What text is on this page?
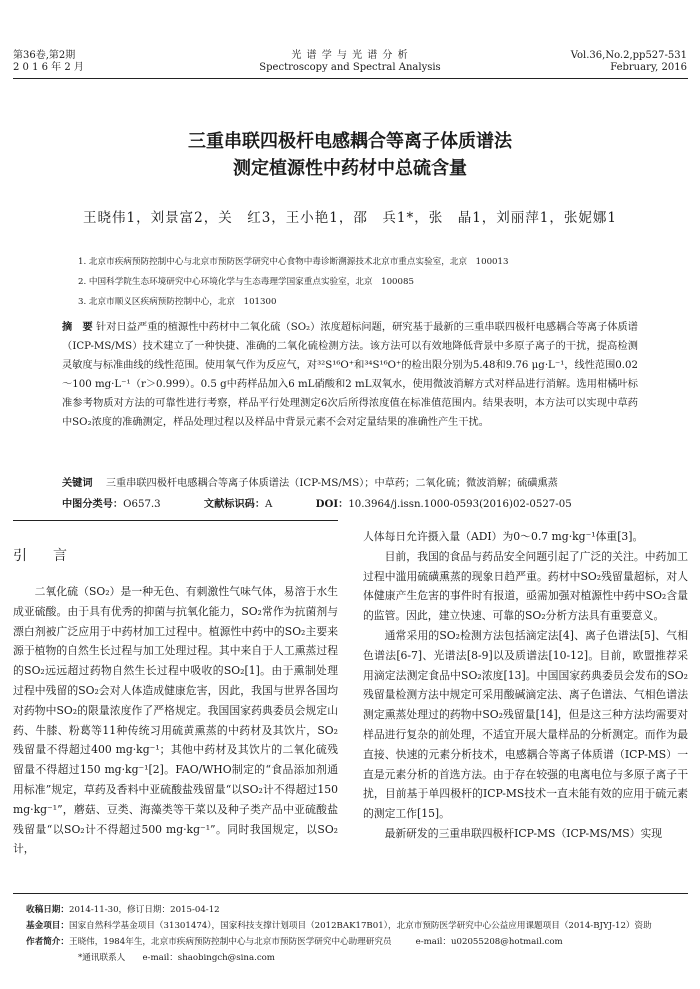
第36卷,第2期
2 0 1 6 年 2 月
光 谱 学 与 光 谱 分 析
Spectroscopy and Spectral Analysis
Vol.36,No.2,pp527-531
February, 2016
三重串联四极杆电感耦合等离子体质谱法
测定植源性中药材中总硫含量
王晓伟1，刘景富2，关　红3，王小艳1，邵　兵1*，张　晶1，刘丽萍1，张妮娜1
1. 北京市疾病预防控制中心与北京市预防医学研究中心食物中毒诊断溯源技术北京市重点实验室，北京　100013
2. 中国科学院生态环境研究中心环境化学与生态毒理学国家重点实验室，北京　100085
3. 北京市顺义区疾病预防控制中心，北京　101300
摘　要 针对日益严重的植源性中药材中二氧化硫（SO₂）浓度超标问题，研究基于最新的三重串联四极杆电感耦合等离子体质谱（ICP-MS/MS）技术建立了一种快捷、准确的二氧化硫检测方法。该方法可以有效地降低背景中多原子离子的干扰，提高检测灵敏度与标准曲线的线性范围。使用氧气作为反应气，对³²S¹⁶O⁺和³⁴S¹⁶O⁺的检出限分别为5.48和9.76 μg·L⁻¹，线性范围0.02～100 mg·L⁻¹（r＞0.999）。0.5 g中药样品加入6 mL硝酸和2 mL双氧水，使用微波消解方式对样品进行消解。选用柑橘叶标准参考物质对方法的可靠性进行考察，样品平行处理测定6次后所得浓度值在标准值范围内。结果表明，本方法可以实现中草药中SO₂浓度的准确测定，样品处理过程以及样品中背景元素不会对定量结果的准确性产生干扰。
关键词 三重串联四极杆电感耦合等离子体质谱法（ICP-MS/MS）；中草药；二氧化硫；微波消解；硫磺熏蒸
中图分类号：O657.3	文献标识码：A	DOI：10.3964/j.issn.1000-0593(2016)02-0527-05
引　言

二氧化硫（SO₂）是一种无色、有刺激性气味气体，易溶于水生成亚硫酸。由于具有优秀的抑菌与抗氧化能力，SO₂常作为抗菌剂与漂白剂被广泛应用于中药材加工过程中。植源性中药中的SO₂主要来源于植物的自然生长过程与加工处理过程。其中来自于人工熏蒸过程的SO₂远远超过药物自然生长过程中吸收的SO₂[1]。由于熏制处理过程中残留的SO₂会对人体造成健康危害，因此，我国与世界各国均对药物中SO₂的限量浓度作了严格规定。我国国家药典委员会规定山药、牛膝、粉葛等11种传统习用硫黄熏蒸的中药材及其饮片，SO₂残留量不得超过400 mg·kg⁻¹；其他中药材及其饮片的二氧化硫残留量不得超过150 mg·kg⁻¹[2]。FAO/WHO制定的“食品添加剂通用标准”规定，草药及香料中亚硫酸盐残留量“以SO₂计不得超过150 mg·kg⁻¹”，蘑菇、豆类、海藻类等干菜以及种子类产品中亚硫酸盐残留量“以SO₂计不得超过500 mg·kg⁻¹”。同时我国规定，以SO₂计，

人体每日允许摄入量（ADI）为0～0.7 mg·kg⁻¹体重[3]。

目前，我国的食品与药品安全问题引起了广泛的关注。中药加工过程中滥用硫磺熏蒸的现象日趋严重。药材中SO₂残留量超标，对人体健康产生危害的事件时有报道，亟需加强对植源性中药中SO₂含量的监管。因此，建立快速、可靠的SO₂分析方法具有重要意义。

通常采用的SO₂检测方法包括滴定法[4]、离子色谱法[5]、气相色谱法[6-7]、光谱法[8-9]以及质谱法[10-12]。目前，欧盟推荐采用滴定法测定食品中SO₂浓度[13]。中国国家药典委员会发布的SO₂残留量检测方法中规定可采用酸碱滴定法、离子色谱法、气相色谱法测定熏蒸处理过的药物中SO₂残留量[14]，但是这三种方法均需要对样品进行复杂的前处理，不适宜开展大量样品的分析测定。而作为最直接、快速的元素分析技术，电感耦合等离子体质谱（ICP-MS）一直是元素分析的首选方法。由于存在较强的电离电位与多原子离子干扰，目前基于单四极杆的ICP-MS技术一直未能有效的应用于硫元素的测定工作[15]。

最新研发的三重串联四极杆ICP-MS（ICP-MS/MS）实现

收稿日期：2014-11-30，修订日期：2015-04-12
基金项目：国家自然科学基金项目（31301474），国家科技支撑计划项目（2012BAK17B01），北京市预防医学研究中心公益应用课题项目（2014-BJYJ-12）资助
作者简介：王晓伟，1984年生，北京市疾病预防控制中心与北京市预防医学研究中心助理研究员	e-mail：u02055208@hotmail.com
*通讯联系人　　e-mail：shaobingch@sina.com
